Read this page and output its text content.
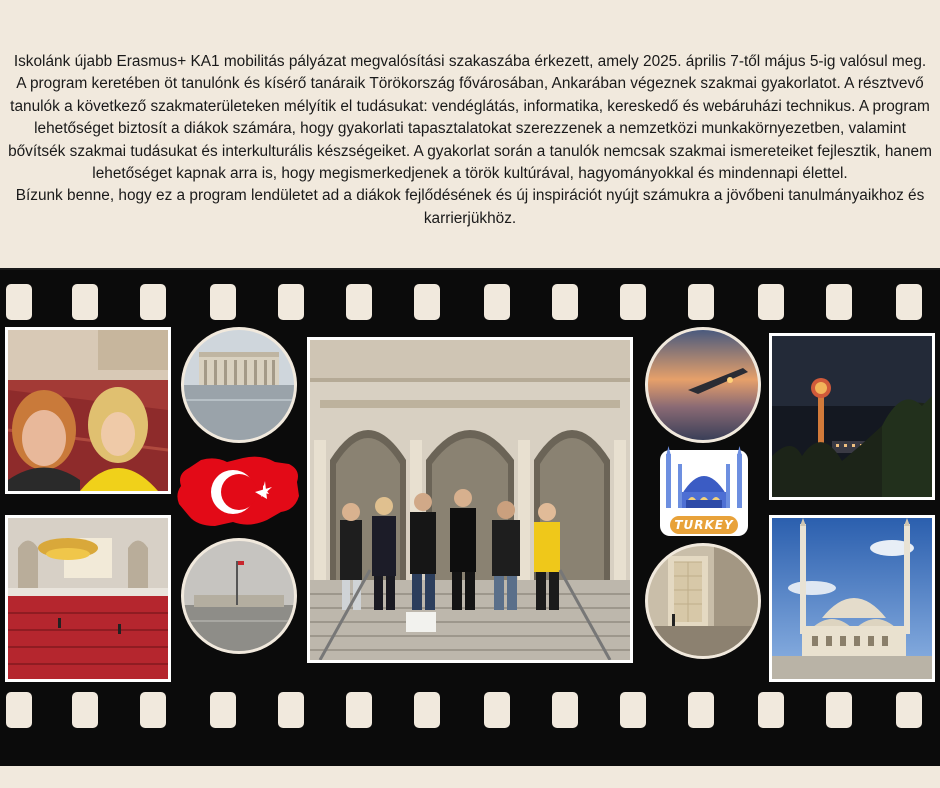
Iskolánk újabb Erasmus+ KA1 mobilitás pályázat megvalósítási szakaszába érkezett, amely 2025. április 7-től május 5-ig valósul meg. A program keretében öt tanulónk és kísérő tanáraik Törökország fővárosában, Ankarában végeznek szakmai gyakorlatot. A résztvevő tanulók a következő szakmaterületeken mélyítik el tudásukat: vendéglátás, informatika, kereskedő és webáruházi technikus. A program lehetőséget biztosít a diákok számára, hogy gyakorlati tapasztalatokat szerezzenek a nemzetközi munkakörnyezetben, valamint bővítsék szakmai tudásukat és interkulturális készségeiket. A gyakorlat során a tanulók nemcsak szakmai ismereteiket fejlesztik, hanem lehetőséget kapnak arra is, hogy megismerkedjenek a török kultúrával, hagyományokkal és mindennapi élettel.

Bízunk benne, hogy ez a program lendületet ad a diákok fejlődésének és új inspirációt nyújt számukra a jövőbeni tanulmányaikhoz és karrierjükhöz.

TURKEY
